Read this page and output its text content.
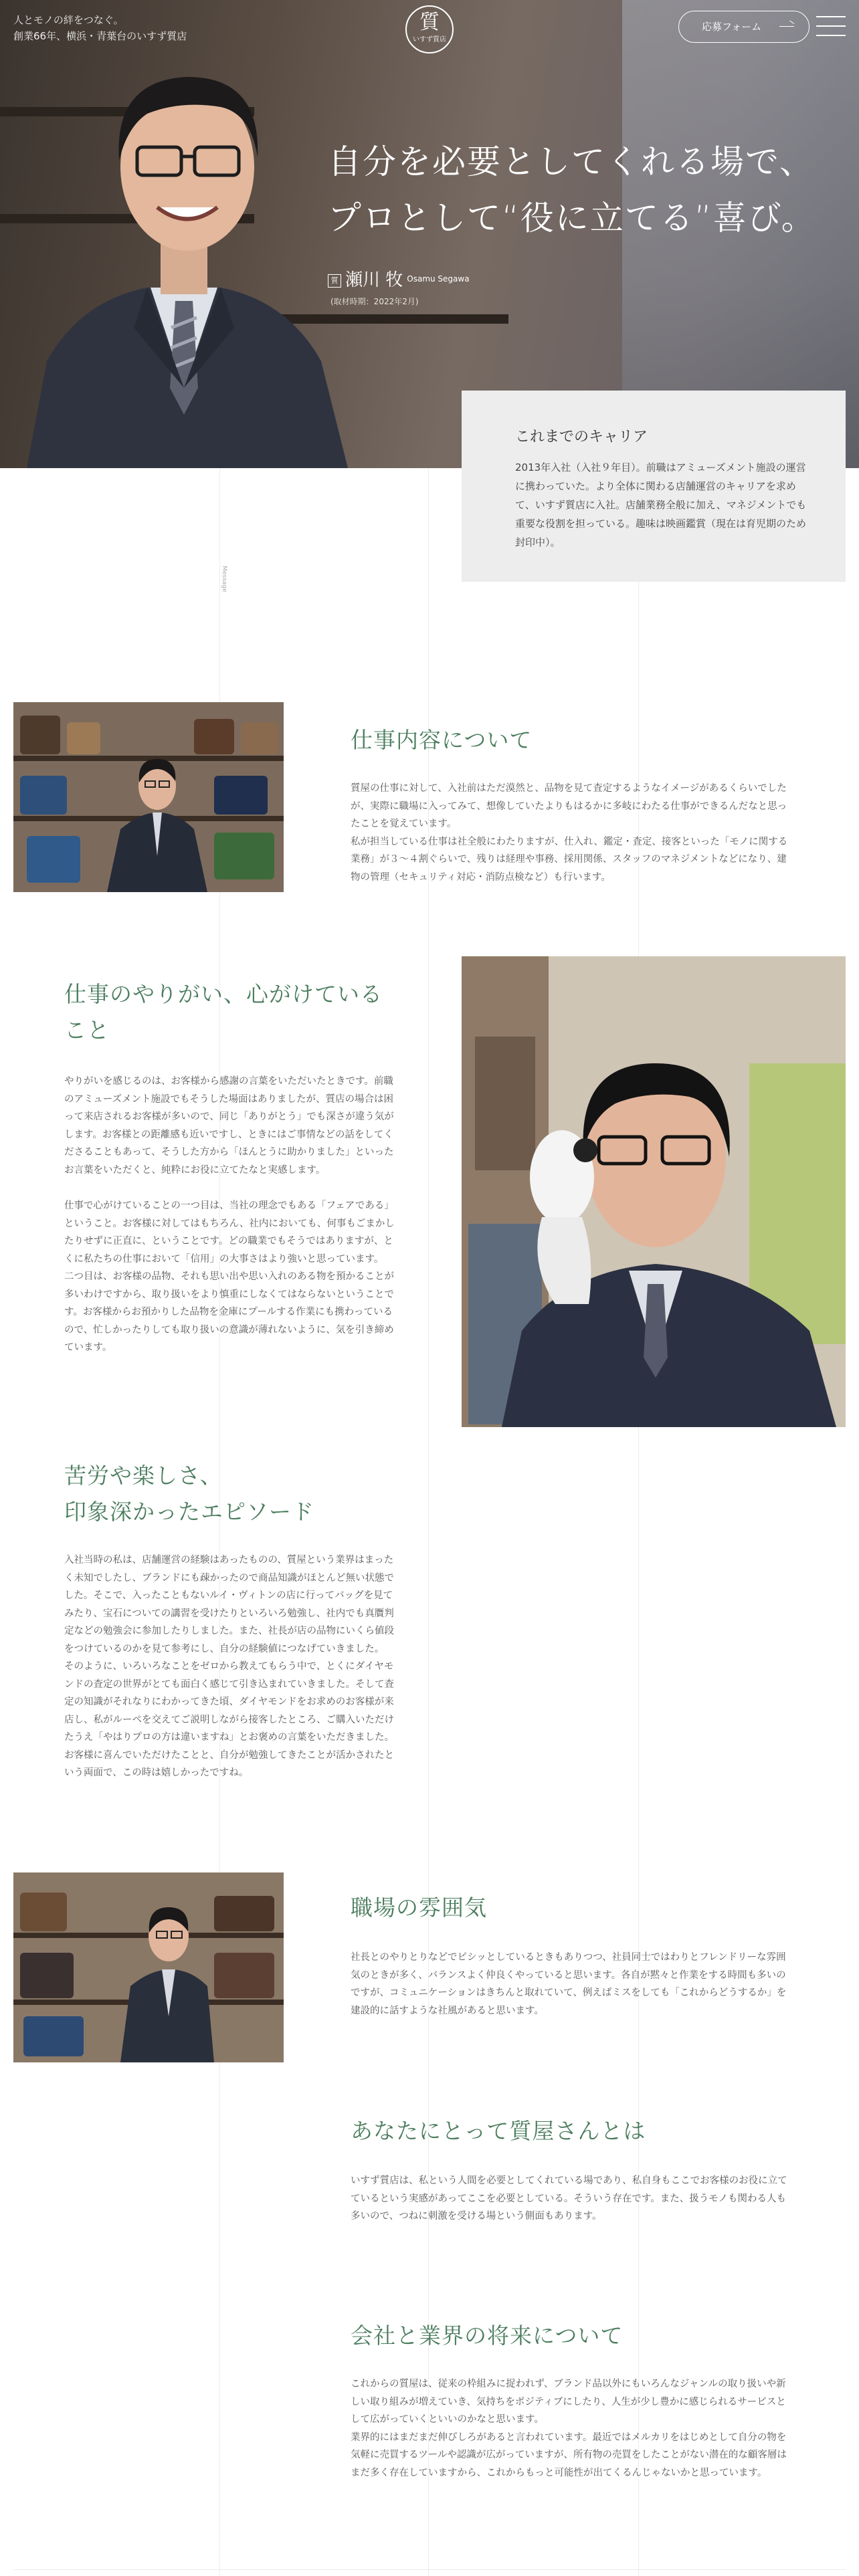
人とモノの絆をつなぐ。
創業66年、横浜・青葉台のいすず質店
質
いすず質店
応募フォーム
自分を必要としてくれる場で、
プロとして“役に立てる”喜び。
質 瀬川 牧 Osamu Segawa
(取材時期：2022年2月)
これまでのキャリア

2013年入社（入社９年目）。前職はアミューズメント施設の運営に携わっていた。より全体に関わる店舗運営のキャリアを求めて、いすず質店に入社。店舗業務全般に加え、マネジメントでも重要な役割を担っている。趣味は映画鑑賞（現在は育児期のため封印中）。

Message
仕事内容について

質屋の仕事に対して、入社前はただ漠然と、品物を見て査定するようなイメージがあるくらいでしたが、実際に職場に入ってみて、想像していたよりもはるかに多岐にわたる仕事ができるんだなと思ったことを覚えています。
私が担当している仕事は社全般にわたりますが、仕入れ、鑑定・査定、接客といった「モノに関する業務」が３～４割ぐらいで、残りは経理や事務、採用関係、スタッフのマネジメントなどになり、建物の管理（セキュリティ対応・消防点検など）も行います。

仕事のやりがい、心がけている
こと

やりがいを感じるのは、お客様から感謝の言葉をいただいたときです。前職のアミューズメント施設でもそうした場面はありましたが、質店の場合は困って来店されるお客様が多いので、同じ「ありがとう」でも深さが違う気がします。お客様との距離感も近いですし、ときにはご事情などの話をしてくださることもあって、そうした方から「ほんとうに助かりました」といったお言葉をいただくと、純粋にお役に立てたなと実感します。

仕事で心がけていることの一つ目は、当社の理念でもある「フェアである」ということ。お客様に対してはもちろん、社内においても、何事もごまかしたりせずに正直に、ということです。どの職業でもそうではありますが、とくに私たちの仕事において「信用」の大事さはより強いと思っています。
二つ目は、お客様の品物、それも思い出や思い入れのある物を預かることが多いわけですから、取り扱いをより慎重にしなくてはならないということです。お客様からお預かりした品物を金庫にプールする作業にも携わっているので、忙しかったりしても取り扱いの意識が薄れないように、気を引き締めています。

苦労や楽しさ、
印象深かったエピソード

入社当時の私は、店舗運営の経験はあったものの、質屋という業界はまったく未知でしたし、ブランドにも疎かったので商品知識がほとんど無い状態でした。そこで、入ったこともないルイ・ヴィトンの店に行ってバッグを見てみたり、宝石についての講習を受けたりといろいろ勉強し、社内でも真贋判定などの勉強会に参加したりしました。また、社長が店の品物にいくら値段をつけているのかを見て参考にし、自分の経験値につなげていきました。
そのように、いろいろなことをゼロから教えてもらう中で、とくにダイヤモンドの査定の世界がとても面白く感じて引き込まれていきました。そして査定の知識がそれなりにわかってきた頃、ダイヤモンドをお求めのお客様が来店し、私がルーペを交えてご説明しながら接客したところ、ご購入いただけたうえ「やはりプロの方は違いますね」とお褒めの言葉をいただきました。
お客様に喜んでいただけたことと、自分が勉強してきたことが活かされたという両面で、この時は嬉しかったですね。

職場の雰囲気

社長とのやりとりなどでピシッとしているときもありつつ、社員同士ではわりとフレンドリーな雰囲気のときが多く、バランスよく仲良くやっていると思います。各自が黙々と作業をする時間も多いのですが、コミュニケーションはきちんと取れていて、例えばミスをしても「これからどうするか」を建設的に話すような社風があると思います。

あなたにとって質屋さんとは

いすず質店は、私という人間を必要としてくれている場であり、私自身もここでお客様のお役に立てているという実感があってここを必要としている。そういう存在です。また、扱うモノも関わる人も多いので、つねに刺激を受ける場という側面もあります。

会社と業界の将来について

これからの質屋は、従来の枠組みに捉われず、ブランド品以外にもいろんなジャンルの取り扱いや新しい取り組みが増えていき、気持ちをポジティブにしたり、人生が少し豊かに感じられるサービスとして広がっていくといいのかなと思います。
業界的にはまだまだ伸びしろがあると言われています。最近ではメルカリをはじめとして自分の物を気軽に売買するツールや認識が広がっていますが、所有物の売買をしたことがない潜在的な顧客層はまだ多く存在していますから、これからもっと可能性が出てくるんじゃないかと思っています。
